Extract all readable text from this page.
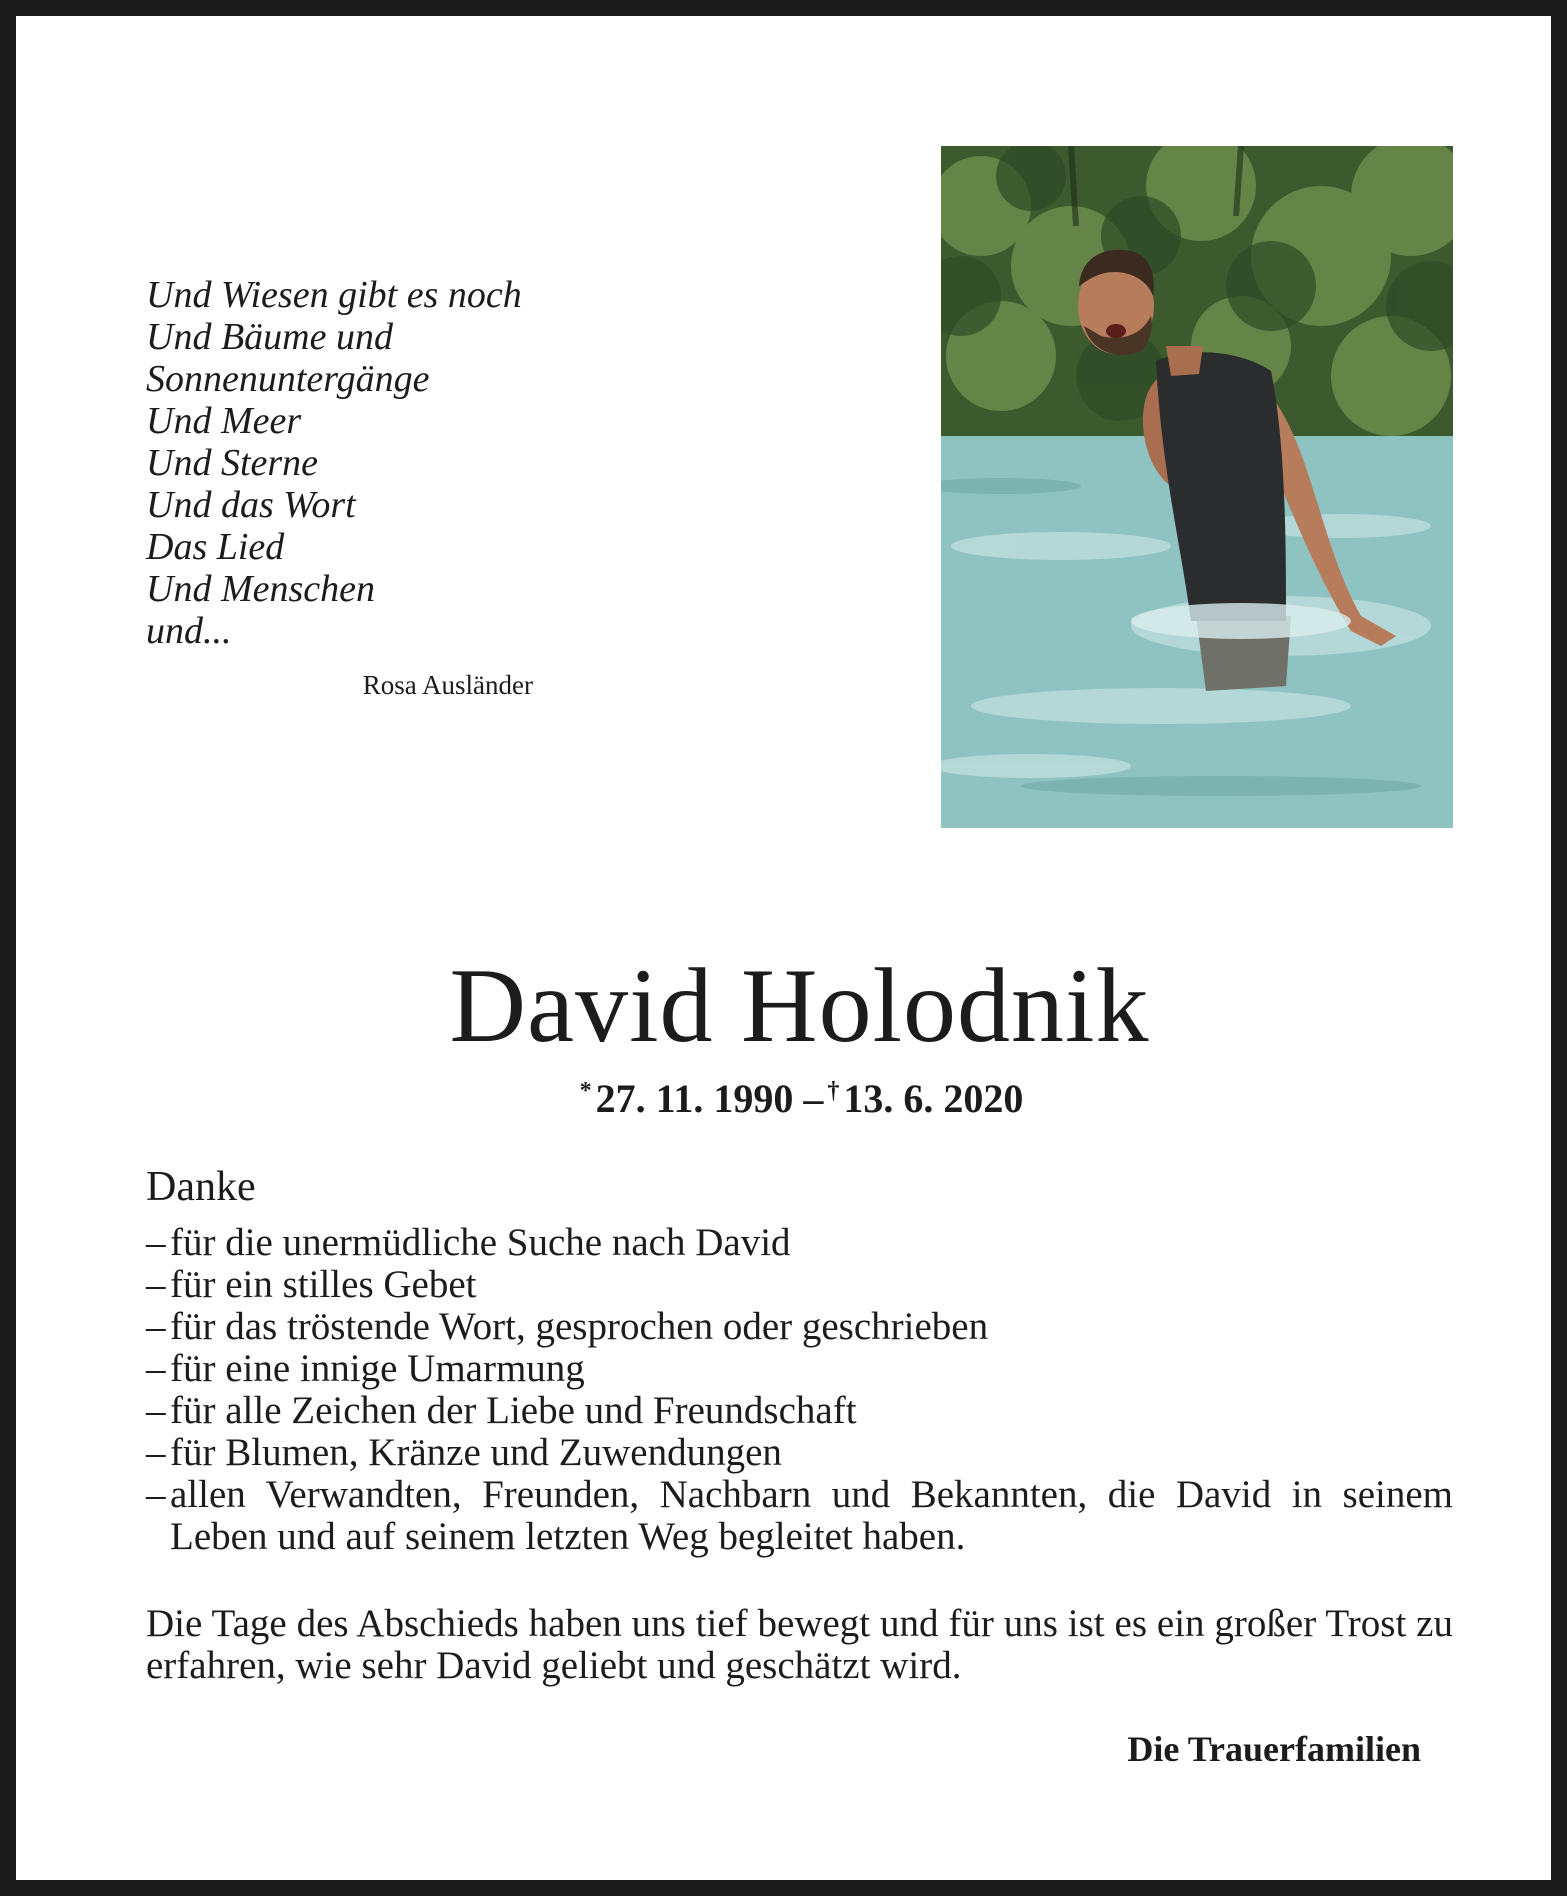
Und Wiesen gibt es noch
Und Bäume und
Sonnenuntergänge
Und Meer
Und Sterne
Und das Wort
Das Lied
Und Menschen
und...
Rosa Ausländer
David Holodnik
* 27. 11. 1990 – † 13. 6. 2020
Danke
– für die unermüdliche Suche nach David
– für ein stilles Gebet
– für das tröstende Wort, gesprochen oder geschrieben
– für eine innige Umarmung
– für alle Zeichen der Liebe und Freundschaft
– für Blumen, Kränze und Zuwendungen
– allen Verwandten, Freunden, Nachbarn und Bekannten, die David in seinem Leben und auf seinem letzten Weg begleitet haben.
Die Tage des Abschieds haben uns tief bewegt und für uns ist es ein großer Trost zu erfahren, wie sehr David geliebt und geschätzt wird.
Die Trauerfamilien
